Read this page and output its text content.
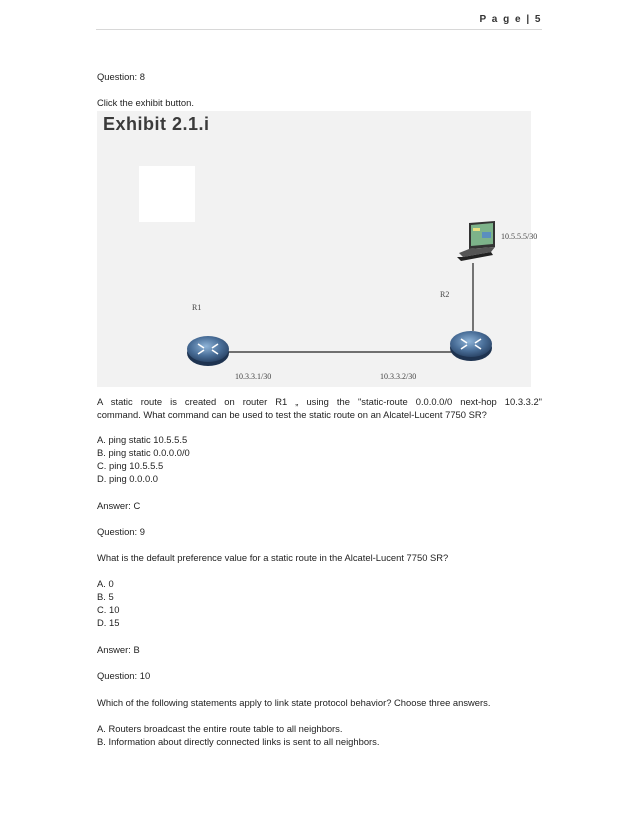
P a g e | 5
Question: 8
Click the exhibit button.
Exhibit 2.1.i
R1
R2
10.5.5.5/30
10.3.3.1/30	10.3.3.2/30
A static route is created on router R1 „ using the "static-route 0.0.0.0/0 next-hop 10.3.3.2"
command. What command can be used to test the static route on an Alcatel-Lucent 7750 SR?
A. ping static 10.5.5.5
B. ping static 0.0.0.0/0
C. ping 10.5.5.5
D. ping 0.0.0.0
Answer: C
Question: 9
What is the default preference value for a static route in the Alcatel-Lucent 7750 SR?
A. 0
B. 5
C. 10
D. 15
Answer: B
Question: 10
Which of the following statements apply to link state protocol behavior? Choose three answers.
A. Routers broadcast the entire route table to all neighbors.
B. Information about directly connected links is sent to all neighbors.
